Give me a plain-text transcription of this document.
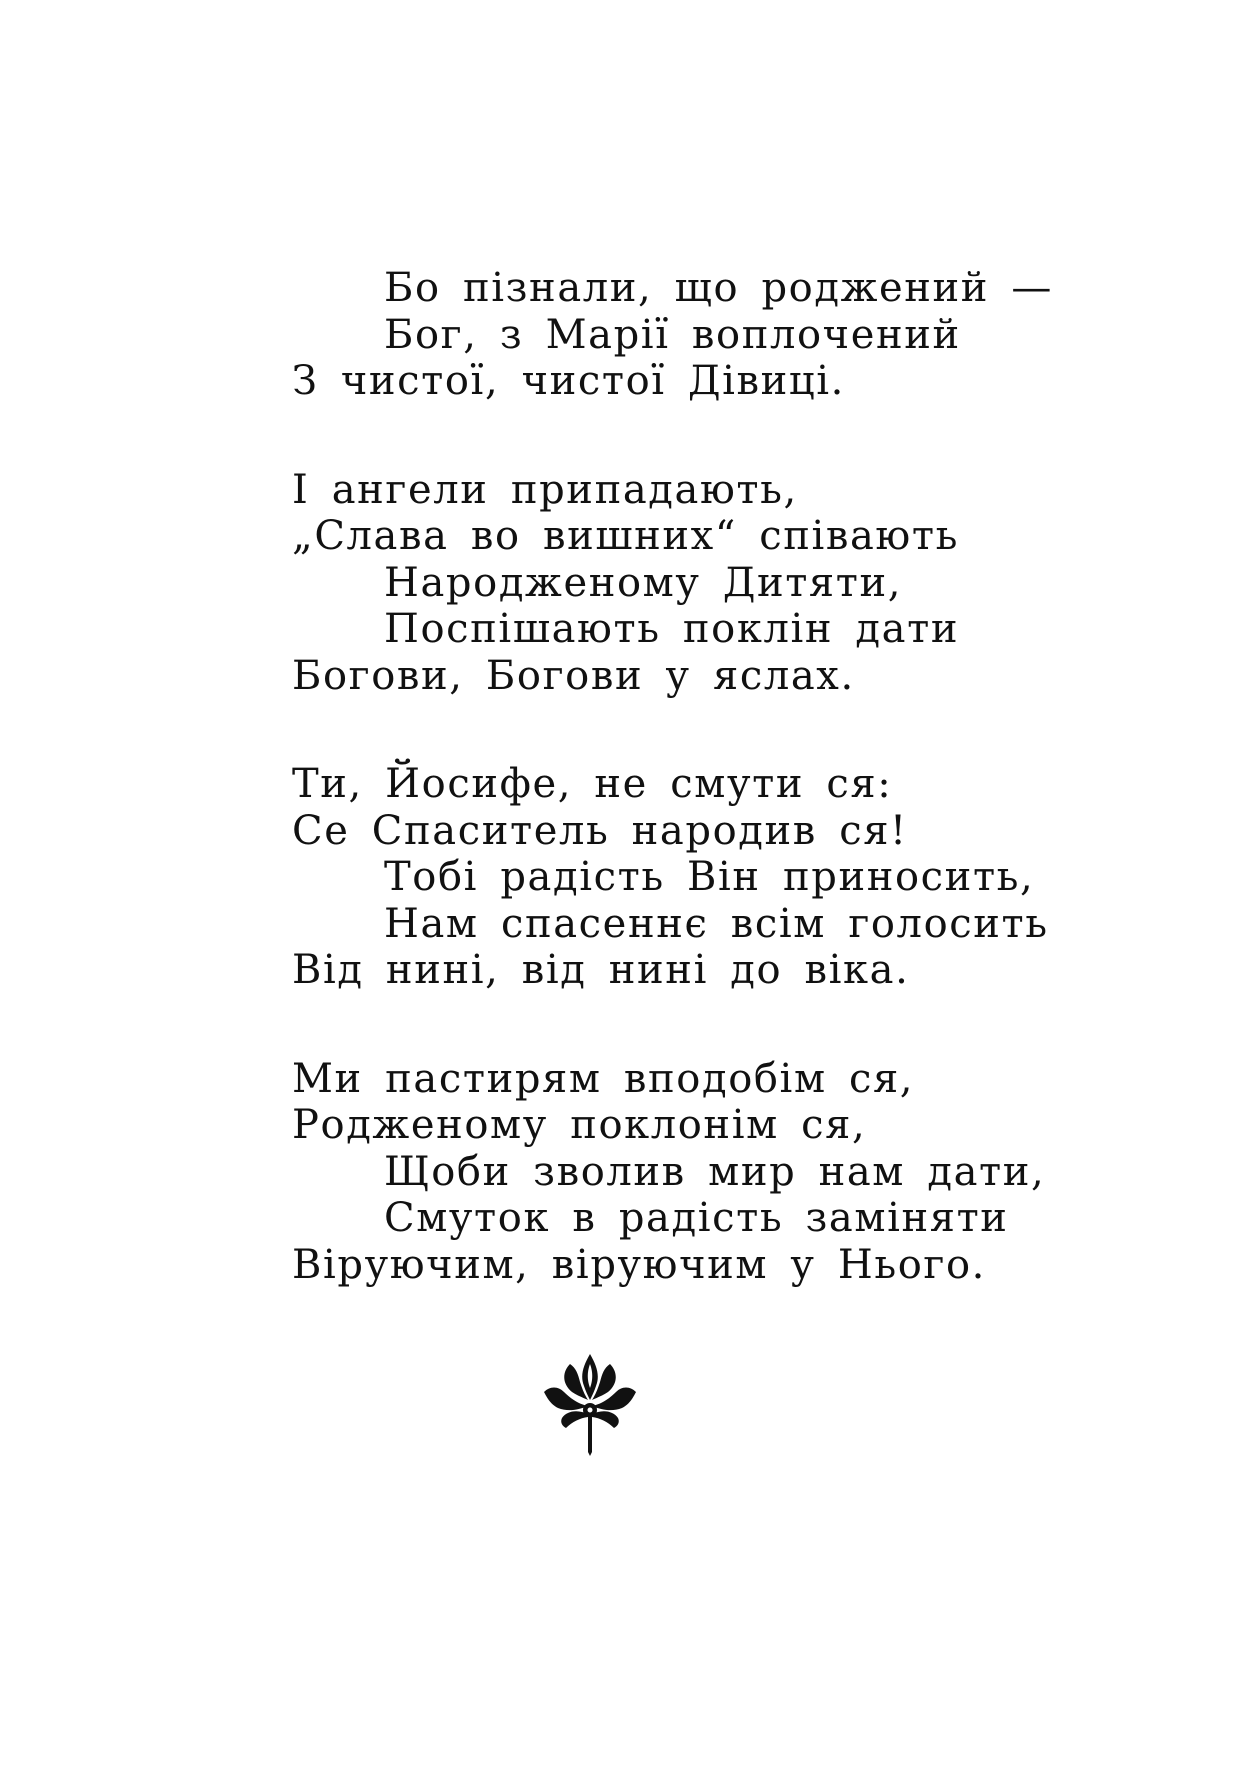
Бо пізнали, що роджений —
Бог, з Марії воплочений
З чистої, чистої Дівиці.
І ангели припадають,
„Слава во вишних“ співають
Народженому Дитяти,
Поспішають поклін дати
Богови, Богови у яслах.
Ти, Йосифе, не смути ся:
Се Спаситель народив ся!
Тобі радість Він приносить,
Нам спасеннє всім голосить
Від нині, від нині до віка.
Ми пастирям вподобім ся,
Родженому поклонім ся,
Щоби зволив мир нам дати,
Смуток в радість заміняти
Віруючим, віруючим у Нього.
